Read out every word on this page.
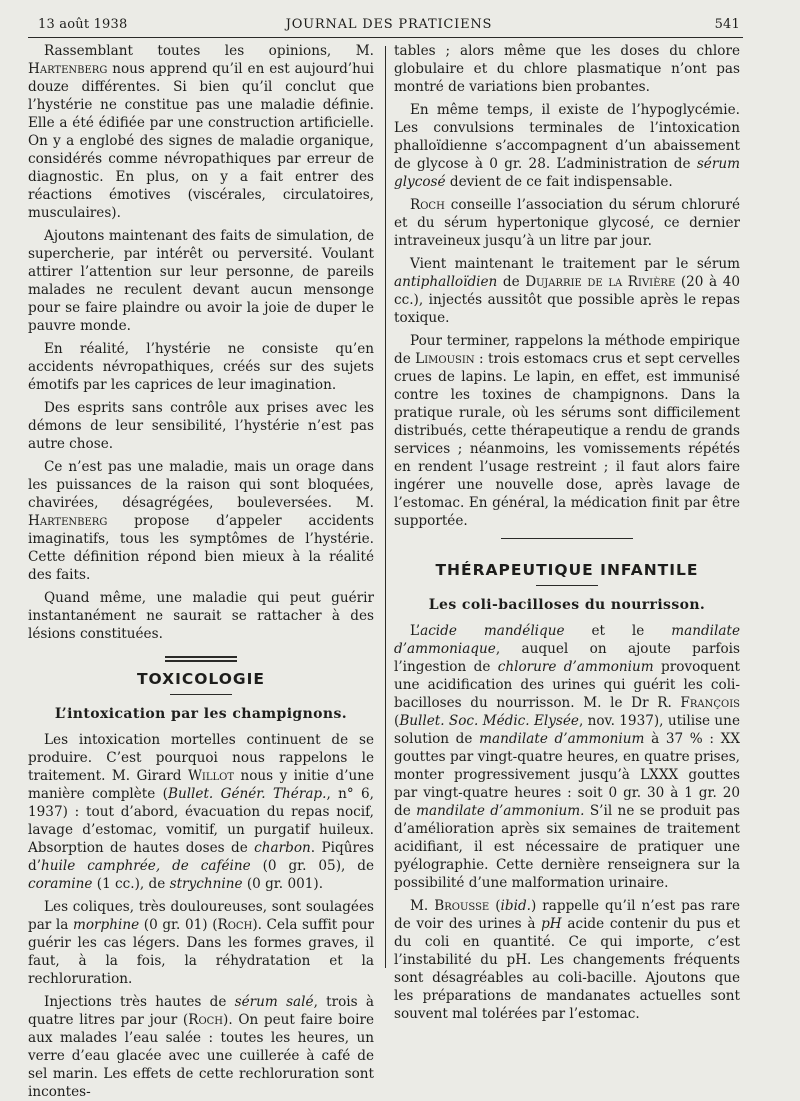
13 août 1938	JOURNAL DES PRATICIENS	541

Rassemblant toutes les opinions, M. Hartenberg nous apprend qu’il en est aujourd’hui douze différentes. Si bien qu’il conclut que l’hystérie ne constitue pas une maladie définie. Elle a été édifiée par une construction artificielle. On y a englobé des signes de maladie organique, considérés comme névropathiques par erreur de diagnostic. En plus, on y a fait entrer des réactions émotives (viscérales, circulatoires, musculaires).

Ajoutons maintenant des faits de simulation, de supercherie, par intérêt ou perversité. Voulant attirer l’attention sur leur personne, de pareils malades ne reculent devant aucun mensonge pour se faire plaindre ou avoir la joie de duper le pauvre monde.

En réalité, l’hystérie ne consiste qu’en accidents névropathiques, créés sur des sujets émotifs par les caprices de leur imagination.

Des esprits sans contrôle aux prises avec les démons de leur sensibilité, l’hystérie n’est pas autre chose.

Ce n’est pas une maladie, mais un orage dans les puissances de la raison qui sont bloquées, chavirées, désagrégées, bouleversées. M. Hartenberg propose d’appeler accidents imaginatifs, tous les symptômes de l’hystérie. Cette définition répond bien mieux à la réalité des faits.

Quand même, une maladie qui peut guérir instantanément ne saurait se rattacher à des lésions constituées.

TOXICOLOGIE
L’intoxication par les champignons.

Les intoxication mortelles continuent de se produire. C’est pourquoi nous rappelons le traitement. M. Girard Willot nous y initie d’une manière complète (Bullet. Génér. Thérap., n° 6, 1937) : tout d’abord, évacuation du repas nocif, lavage d’estomac, vomitif, un purgatif huileux. Absorption de hautes doses de charbon. Piqûres d’huile camphrée, de caféine (0 gr. 05), de coramine (1 cc.), de strychnine (0 gr. 001).

Les coliques, très douloureuses, sont soulagées par la morphine (0 gr. 01) (Roch). Cela suffit pour guérir les cas légers. Dans les formes graves, il faut, à la fois, la réhydratation et la rechloruration.

Injections très hautes de sérum salé, trois à quatre litres par jour (Roch). On peut faire boire aux malades l’eau salée : toutes les heures, un verre d’eau glacée avec une cuillerée à café de sel marin. Les effets de cette rechloruration sont incontes-

tables ; alors même que les doses du chlore globulaire et du chlore plasmatique n’ont pas montré de variations bien probantes.

En même temps, il existe de l’hypoglycémie. Les convulsions terminales de l’intoxication phalloïdienne s’accompagnent d’un abaissement de glycose à 0 gr. 28. L’administration de sérum glycosé devient de ce fait indispensable.

Roch conseille l’association du sérum chloruré et du sérum hypertonique glycosé, ce dernier intraveineux jusqu’à un litre par jour.

Vient maintenant le traitement par le sérum antiphalloïdien de Dujarrie de la Rivière (20 à 40 cc.), injectés aussitôt que possible après le repas toxique.

Pour terminer, rappelons la méthode empirique de Limousin : trois estomacs crus et sept cervelles crues de lapins. Le lapin, en effet, est immunisé contre les toxines de champignons. Dans la pratique rurale, où les sérums sont difficilement distribués, cette thérapeutique a rendu de grands services ; néanmoins, les vomissements répétés en rendent l’usage restreint ; il faut alors faire ingérer une nouvelle dose, après lavage de l’estomac. En général, la médication finit par être supportée.

THÉRAPEUTIQUE INFANTILE
Les coli-bacilloses du nourrisson.

L’acide mandélique et le mandilate d’ammoniaque, auquel on ajoute parfois l’ingestion de chlorure d’ammonium provoquent une acidification des urines qui guérit les coli-bacilloses du nourrisson. M. le Dr R. François (Bullet. Soc. Médic. Elysée, nov. 1937), utilise une solution de mandilate d’ammonium à 37 % : XX gouttes par vingt-quatre heures, en quatre prises, monter progressivement jusqu’à LXXX gouttes par vingt-quatre heures : soit 0 gr. 30 à 1 gr. 20 de mandilate d’ammonium. S’il ne se produit pas d’amélioration après six semaines de traitement acidifiant, il est nécessaire de pratiquer une pyélographie. Cette dernière renseignera sur la possibilité d’une malformation urinaire.

M. Brousse (ibid.) rappelle qu’il n’est pas rare de voir des urines à pH acide contenir du pus et du coli en quantité. Ce qui importe, c’est l’instabilité du pH. Les changements fréquents sont désagréables au coli-bacille. Ajoutons que les préparations de mandanates actuelles sont souvent mal tolérées par l’estomac.
